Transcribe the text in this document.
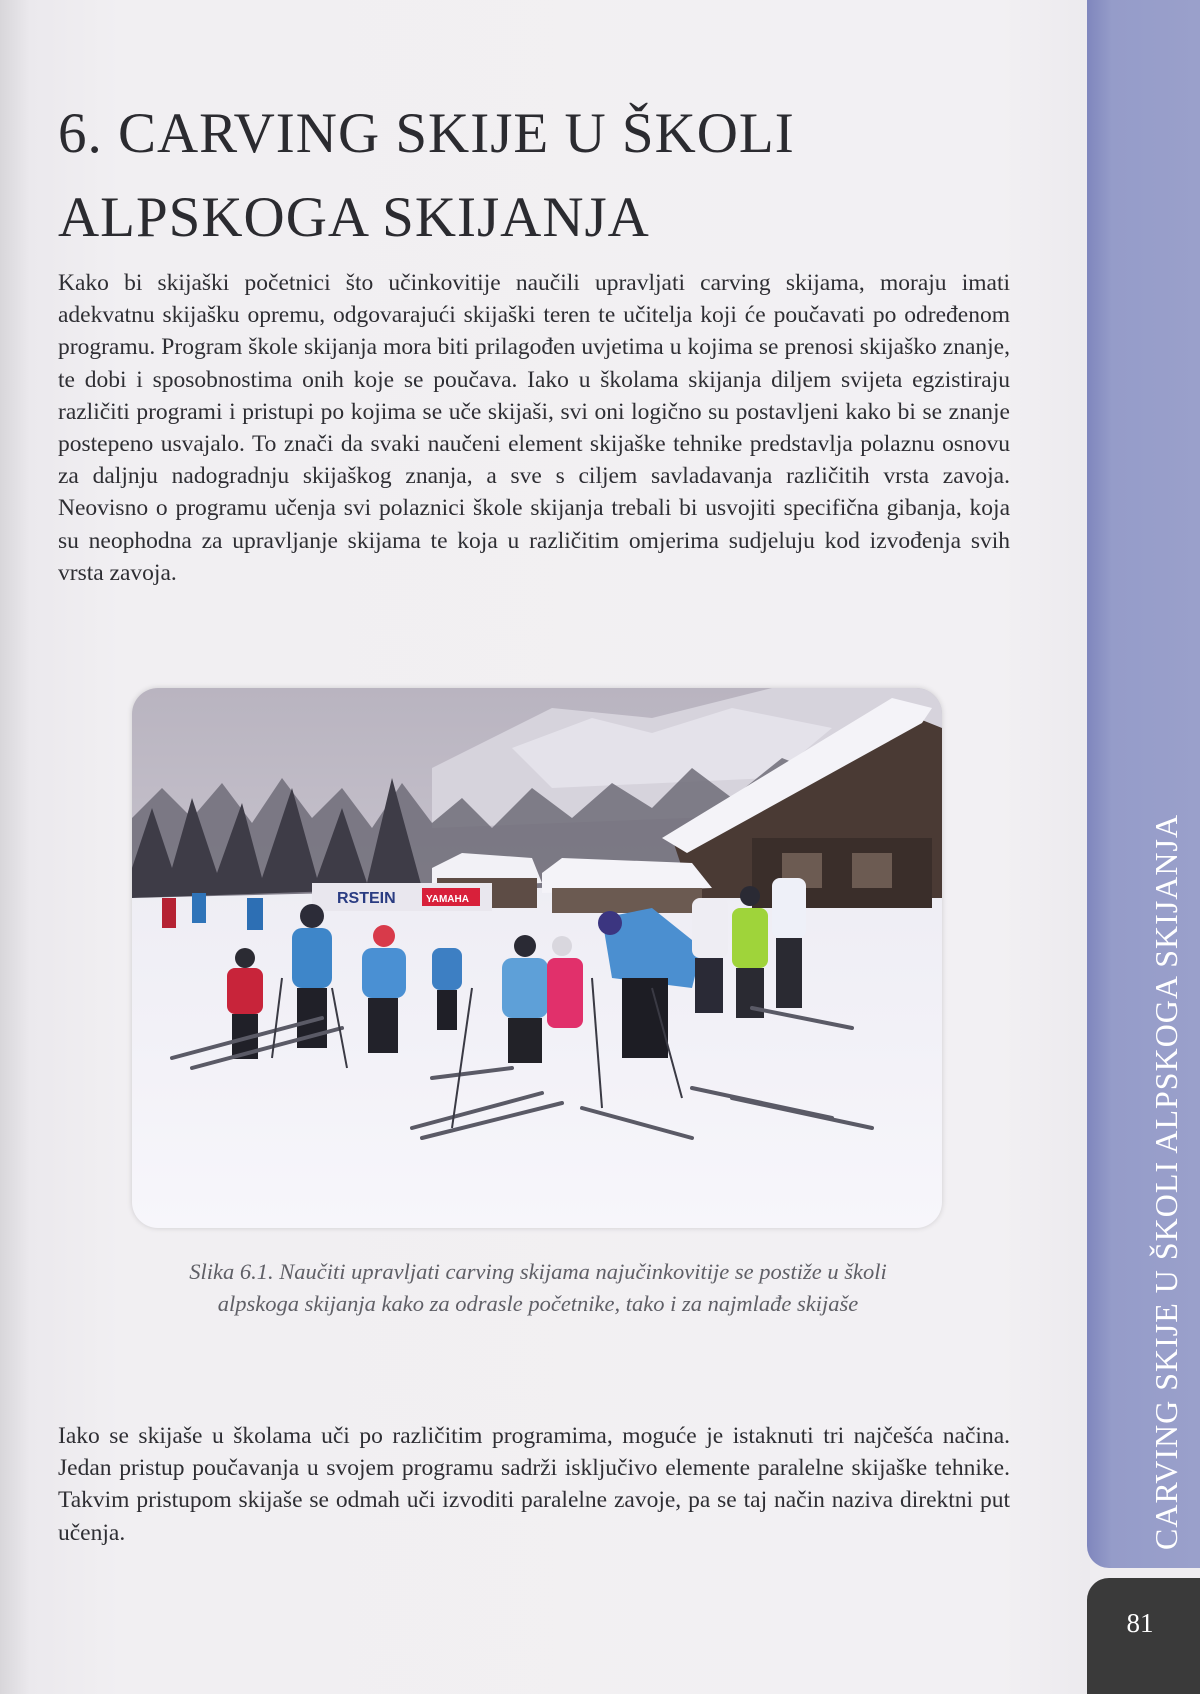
6. CARVING SKIJE U ŠKOLI
ALPSKOGA SKIJANJA

Kako bi skijaški početnici što učinkovitije naučili upravljati carving skijama, moraju imati adekvatnu skijašku opremu, odgovarajući skijaški teren te učitelja koji će poučavati po određenom programu. Program škole skijanja mora biti prilagođen uvjetima u kojima se prenosi skijaško znanje, te dobi i sposobnostima onih koje se poučava. Iako u školama skijanja diljem svijeta egzistiraju različiti programi i pristupi po kojima se uče skijaši, svi oni logično su postavljeni kako bi se znanje postepeno usvajalo. To znači da svaki naučeni element skijaške tehnike predstavlja polaznu osnovu za daljnju nadogradnju skijaškog znanja, a sve s ciljem savladavanja različitih vrsta zavoja. Neovisno o programu učenja svi polaznici škole skijanja trebali bi usvojiti specifična gibanja, koja su neophodna za upravljanje skijama te koja u različitim omjerima sudjeluju kod izvođenja svih vrsta zavoja.

RSTEIN	YAMAHA

Slika 6.1. Naučiti upravljati carving skijama najučinkovitije se postiže u školi
alpskoga skijanja kako za odrasle početnike, tako i za najmlađe skijaše

Iako se skijaše u školama uči po različitim programima, moguće je istaknuti tri najčešća načina. Jedan pristup poučavanja u svojem programu sadrži isključivo elemente paralelne skijaške tehnike. Takvim pristupom skijaše se odmah uči izvoditi paralelne zavoje, pa se taj način naziva direktni put učenja.	CARVING SKIJE U ŠKOLI ALPSKOGA SKIJANJA
81
